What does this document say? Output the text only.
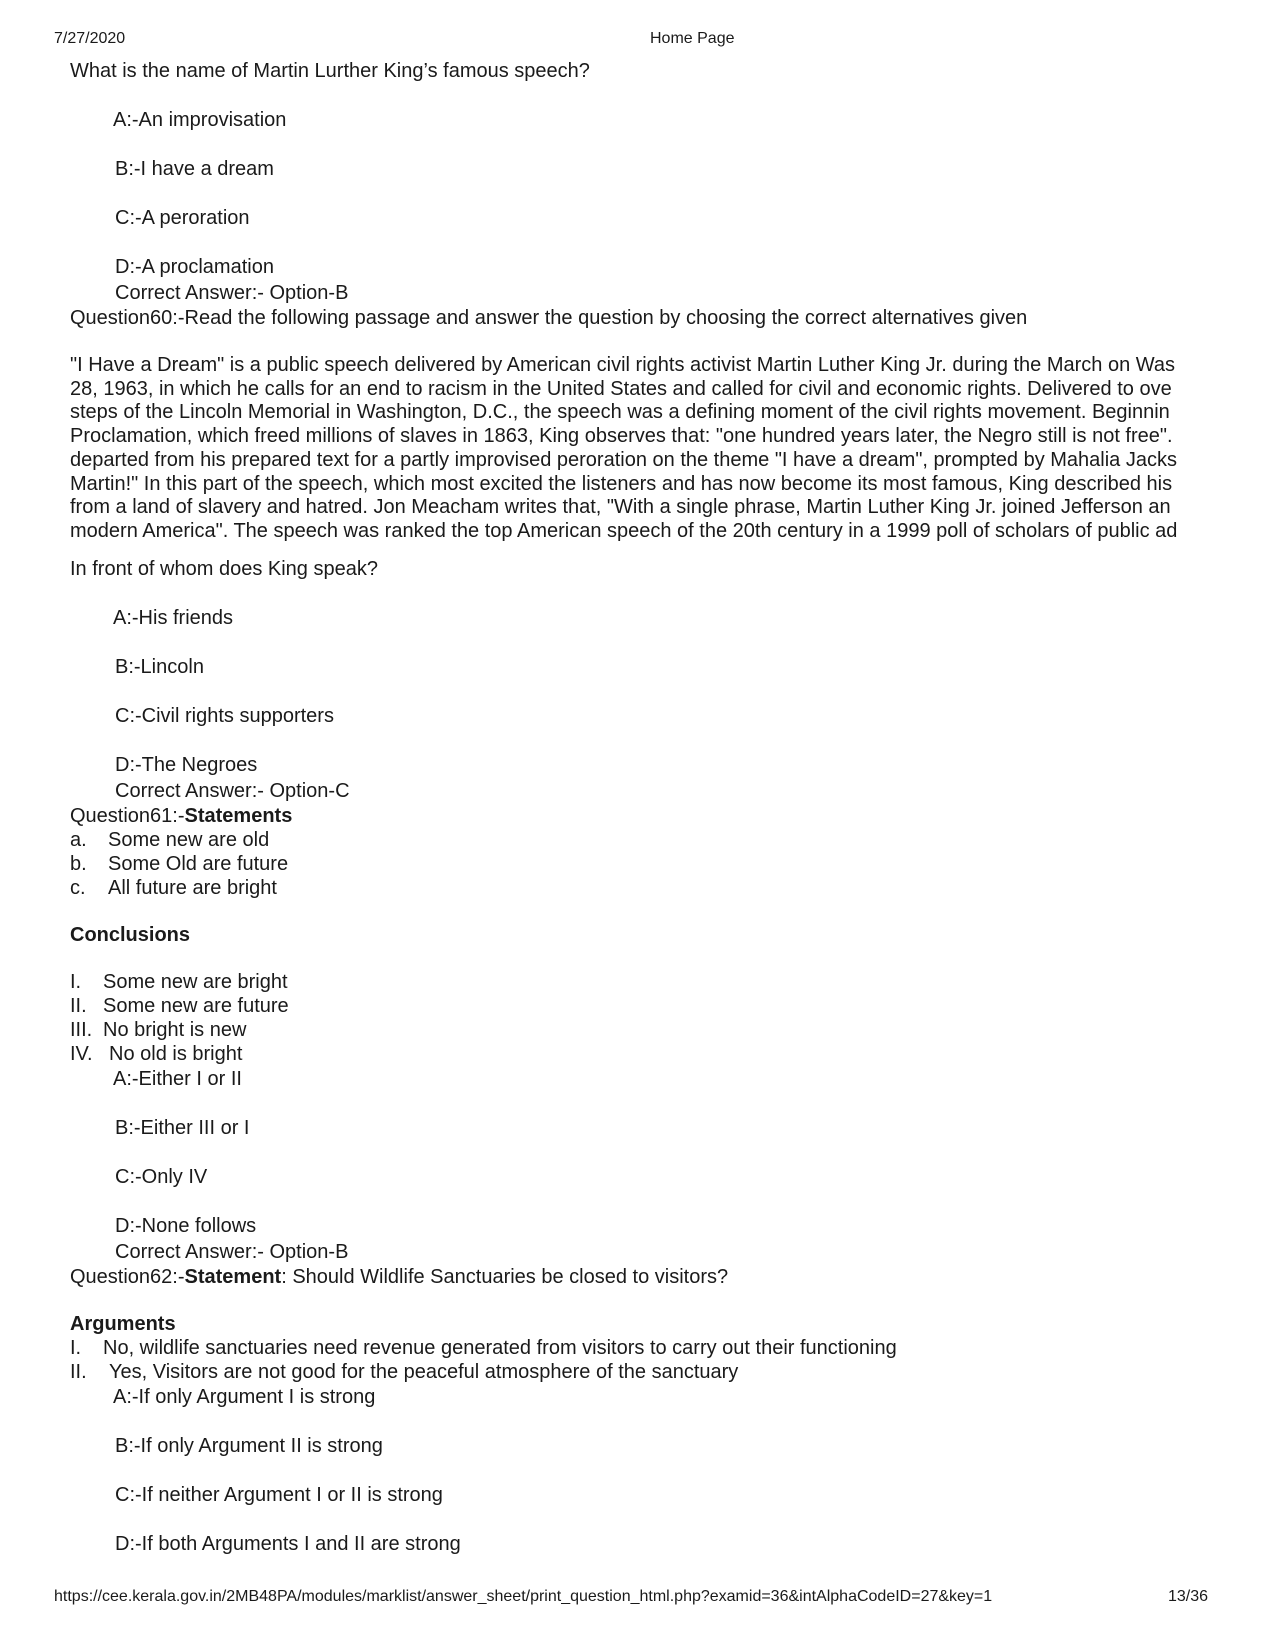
7/27/2020	Home Page
What is the name of Martin Lurther King’s famous speech?
A:-An improvisation
B:-I have a dream
C:-A peroration
D:-A proclamation
Correct Answer:- Option-B
Question60:-Read the following passage and answer the question by choosing the correct alternatives given
"I Have a Dream" is a public speech delivered by American civil rights activist Martin Luther King Jr. during the March on Was
28, 1963, in which he calls for an end to racism in the United States and called for civil and economic rights. Delivered to ove
steps of the Lincoln Memorial in Washington, D.C., the speech was a defining moment of the civil rights movement. Beginnin
Proclamation, which freed millions of slaves in 1863, King observes that: "one hundred years later, the Negro still is not free".
departed from his prepared text for a partly improvised peroration on the theme "I have a dream", prompted by Mahalia Jacks
Martin!" In this part of the speech, which most excited the listeners and has now become its most famous, King described his
from a land of slavery and hatred. Jon Meacham writes that, "With a single phrase, Martin Luther King Jr. joined Jefferson an
modern America". The speech was ranked the top American speech of the 20th century in a 1999 poll of scholars of public ad
In front of whom does King speak?
A:-His friends
B:-Lincoln
C:-Civil rights supporters
D:-The Negroes
Correct Answer:- Option-C
Question61:-Statements
a. Some new are old
b. Some Old are future
c. All future are bright
Conclusions
I. Some new are bright
II. Some new are future
III. No bright is new
IV. No old is bright
A:-Either I or II
B:-Either III or I
C:-Only IV
D:-None follows
Correct Answer:- Option-B
Question62:-Statement: Should Wildlife Sanctuaries be closed to visitors?
Arguments
I. No, wildlife sanctuaries need revenue generated from visitors to carry out their functioning
II. Yes, Visitors are not good for the peaceful atmosphere of the sanctuary
A:-If only Argument I is strong
B:-If only Argument II is strong
C:-If neither Argument I or II is strong
D:-If both Arguments I and II are strong
https://cee.kerala.gov.in/2MB48PA/modules/marklist/answer_sheet/print_question_html.php?examid=36&intAlphaCodeID=27&key=1	13/36
